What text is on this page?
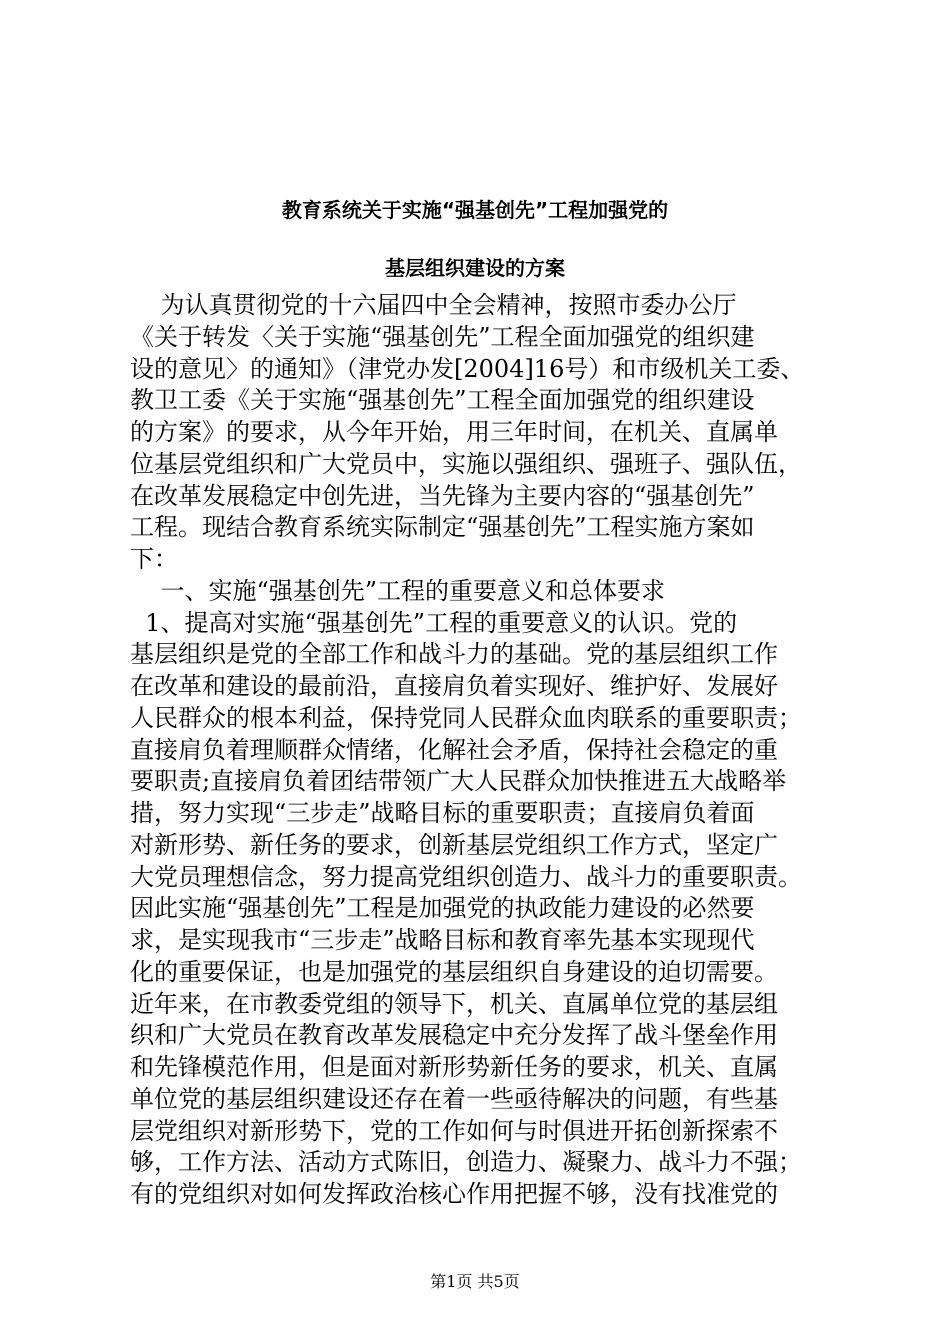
教育系统关于实施“强基创先”工程加强党的
基层组织建设的方案
为认真贯彻党的十六届四中全会精神，按照市委办公厅
《关于转发〈关于实施“强基创先”工程全面加强党的组织建
设的意见〉的通知》（津党办发[2004]16号）和市级机关工委、
教卫工委《关于实施“强基创先”工程全面加强党的组织建设
的方案》的要求，从今年开始，用三年时间，在机关、直属单
位基层党组织和广大党员中，实施以强组织、强班子、强队伍，
在改革发展稳定中创先进，当先锋为主要内容的“强基创先”
工程。现结合教育系统实际制定“强基创先”工程实施方案如
下：
一、实施“强基创先”工程的重要意义和总体要求
1、提高对实施“强基创先”工程的重要意义的认识。党的
基层组织是党的全部工作和战斗力的基础。党的基层组织工作
在改革和建设的最前沿，直接肩负着实现好、维护好、发展好
人民群众的根本利益，保持党同人民群众血肉联系的重要职责；
直接肩负着理顺群众情绪，化解社会矛盾，保持社会稳定的重
要职责;直接肩负着团结带领广大人民群众加快推进五大战略举
措，努力实现“三步走”战略目标的重要职责；直接肩负着面
对新形势、新任务的要求，创新基层党组织工作方式，坚定广
大党员理想信念，努力提高党组织创造力、战斗力的重要职责。
因此实施“强基创先”工程是加强党的执政能力建设的必然要
求，是实现我市“三步走”战略目标和教育率先基本实现现代
化的重要保证，也是加强党的基层组织自身建设的迫切需要。
近年来，在市教委党组的领导下，机关、直属单位党的基层组
织和广大党员在教育改革发展稳定中充分发挥了战斗堡垒作用
和先锋模范作用，但是面对新形势新任务的要求，机关、直属
单位党的基层组织建设还存在着一些亟待解决的问题，有些基
层党组织对新形势下，党的工作如何与时俱进开拓创新探索不
够，工作方法、活动方式陈旧，创造力、凝聚力、战斗力不强；
有的党组织对如何发挥政治核心作用把握不够，没有找准党的
第1页 共5页
